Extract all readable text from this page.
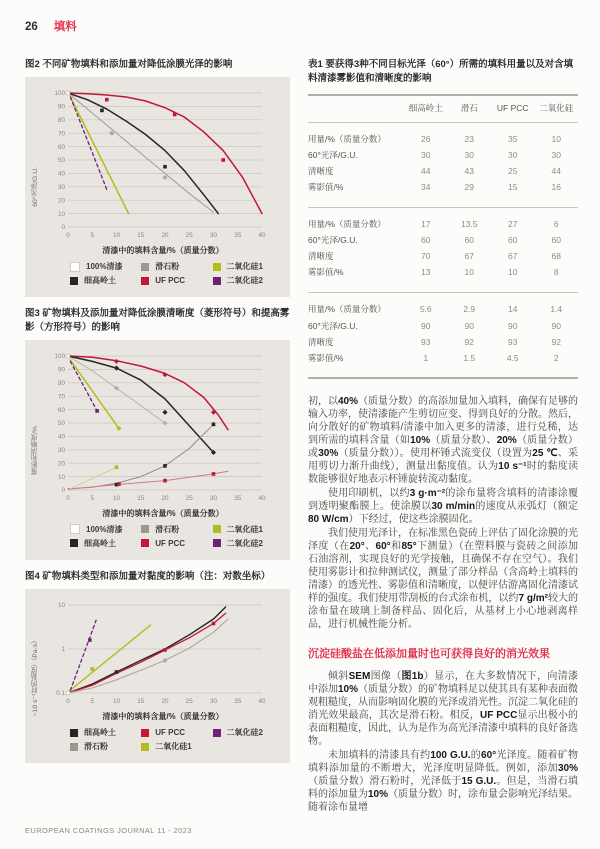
26 填料
图2 不同矿物填料和添加量对降低涂膜光泽的影响
60°光泽/G.U.
0
10
20
30
40
50
60
70
80
90
100
0	5	10	15	20	25	30	35	40
清漆中的填料含量/%（质量分数）
100%清漆	滑石粉	二氧化硅1
细高岭土	UF PCC	二氧化硅2
图3 矿物填料及添加量对降低涂膜清晰度（菱形符号）和提高雾影（方形符号）的影响
雾影和清晰度/%
0
10
20
30
40
50
60
70
80
90
100
0	5	10	15	20	25	30	35	40
清漆中的填料含量/%（质量分数）
100%清漆	滑石粉	二氧化硅1
细高岭土	UF PCC	二氧化硅2
图4 矿物填料类型和添加量对黏度的影响（注：对数坐标）
~10 s⁻¹时的黏度/（Pa·s）	0.1
1
10
0	5	10	15	20	25	30	35	40
清漆中的填料含量/%（质量分数）
细高岭土	UF PCC	二氧化硅2
滑石粉	二氧化硅1
表1 要获得3种不同目标光泽（60°）所需的填料用量以及对含填料清漆雾影值和清晰度的影响
细高岭土	滑石	UF PCC	二氧化硅
用量/%（质量分数）	26	23	35	10
60°光泽/G.U.	30	30	30	30
清晰度	44	43	25	44
雾影值/%	34	29	15	16
用量/%（质量分数）	17	13.5	27	6
60°光泽/G.U.	60	60	60	60
清晰度	70	67	67	68
雾影值/%	13	10	10	8
用量/%（质量分数）	5.6	2.9	14	1.4
60°光泽/G.U.	90	90	90	90
清晰度	93	92	93	92
雾影值/%	1	1.5	4.5	2

初，以40%（质量分数）的高添加量加入填料，确保有足够的输入功率，使清漆能产生剪切应变、得到良好的分散。然后，向分散好的矿物填料/清漆中加入更多的清漆，进行兑稀，达到所需的填料含量（如10%（质量分数）、20%（质量分数）或30%（质量分数））。使用杯锤式流变仪（设置为25 ℃、采用剪切力渐升曲线），测量出黏度值。认为10 s⁻¹时的黏度读数能够很好地表示杯锤旋转流动黏度。

使用印刷机，以约3 g·m⁻²的涂布量将含填料的清漆涂覆到透明聚酯膜上。使涂膜以30 m/min的速度从汞弧灯（额定80 W/cm）下经过，使这些涂膜固化。

我们使用光泽计，在标准黑色瓷砖上评估了固化涂膜的光泽度（在20°、60°和85°下测量）（在塑料膜与瓷砖之间添加石油溶剂，实现良好的光学接触，且确保不存在空气）。我们使用雾影计和拉伸测试仪，测量了部分样品（含高岭土填料的清漆）的透光性、雾影值和清晰度，以便评估游离固化清漆试样的强度。我们使用带刮板的台式涂布机，以约7 g/m²较大的涂布量在玻璃上制备样品、固化后，从基材上小心地剥离样品，进行机械性能分析。

沉淀硅酸盐在低添加量时也可获得良好的消光效果

倾斜SEM图像（图1b）显示，在大多数情况下，向清漆中添加10%（质量分数）的矿物填料足以使其具有某种表面微观粗糙度，从而影响固化膜的光泽或消光性。沉淀二氧化硅的消光效果最高，其次是滑石粉。相反，UF PCC显示出极小的表面粗糙度，因此，认为是作为高光泽清漆中填料的良好备选物。

未加填料的清漆具有约100 G.U.的60°光泽度。随着矿物填料添加量的不断增大，光泽度明显降低。例如，添加30%（质量分数）滑石粉时，光泽低于15 G.U.。但是，当滑石填料的添加量为10%（质量分数）时，涂布量会影响光泽结果。随着涂布量增

EUROPEAN COATINGS JOURNAL 11 - 2023
